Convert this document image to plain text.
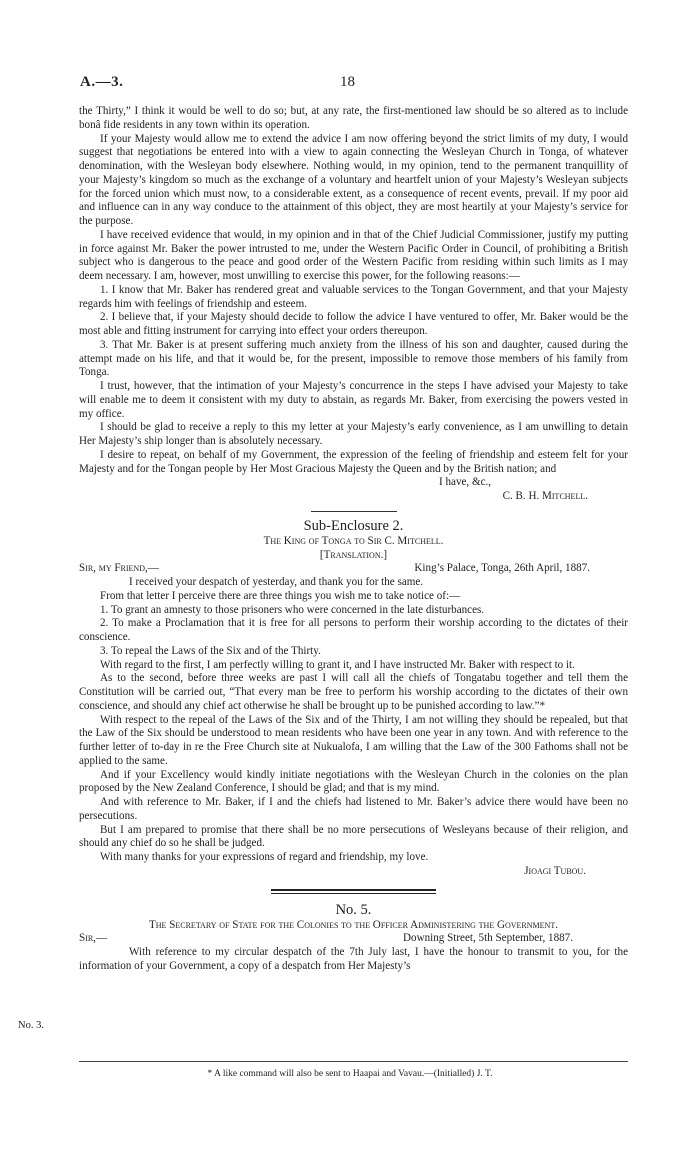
A.—3.	18

the Thirty,” I think it would be well to do so; but, at any rate, the first-mentioned law should be so altered as to include bonâ fide residents in any town within its operation.

If your Majesty would allow me to extend the advice I am now offering beyond the strict limits of my duty, I would suggest that negotiations be entered into with a view to again connecting the Wesleyan Church in Tonga, of whatever denomination, with the Wesleyan body elsewhere. Nothing would, in my opinion, tend to the permanent tranquillity of your Majesty’s kingdom so much as the exchange of a voluntary and heartfelt union of your Majesty’s Wesleyan subjects for the forced union which must now, to a considerable extent, as a consequence of recent events, prevail. If my poor aid and influence can in any way conduce to the attainment of this object, they are most heartily at your Majesty’s service for the purpose.

I have received evidence that would, in my opinion and in that of the Chief Judicial Commissioner, justify my putting in force against Mr. Baker the power intrusted to me, under the Western Pacific Order in Council, of prohibiting a British subject who is dangerous to the peace and good order of the Western Pacific from residing within such limits as I may deem necessary. I am, however, most unwilling to exercise this power, for the following reasons:—

1. I know that Mr. Baker has rendered great and valuable services to the Tongan Government, and that your Majesty regards him with feelings of friendship and esteem.

2. I believe that, if your Majesty should decide to follow the advice I have ventured to offer, Mr. Baker would be the most able and fitting instrument for carrying into effect your orders thereupon.

3. That Mr. Baker is at present suffering much anxiety from the illness of his son and daughter, caused during the attempt made on his life, and that it would be, for the present, impossible to remove those members of his family from Tonga.

I trust, however, that the intimation of your Majesty’s concurrence in the steps I have advised your Majesty to take will enable me to deem it consistent with my duty to abstain, as regards Mr. Baker, from exercising the powers vested in my office.

I should be glad to receive a reply to this my letter at your Majesty’s early convenience, as I am unwilling to detain Her Majesty’s ship longer than is absolutely necessary.

I desire to repeat, on behalf of my Government, the expression of the feeling of friendship and esteem felt for your Majesty and for the Tongan people by Her Most Gracious Majesty the Queen and by the British nation; and

I have, &c.,

C. B. H. Mitchell.

Sub-Enclosure 2.
The King of Tonga to Sir C. Mitchell.
[Translation.]
Sir, my Friend,—	King’s Palace, Tonga, 26th April, 1887.

I received your despatch of yesterday, and thank you for the same.

From that letter I perceive there are three things you wish me to take notice of:—

1. To grant an amnesty to those prisoners who were concerned in the late disturbances.

2. To make a Proclamation that it is free for all persons to perform their worship according to the dictates of their conscience.

3. To repeal the Laws of the Six and of the Thirty.

With regard to the first, I am perfectly willing to grant it, and I have instructed Mr. Baker with respect to it.

As to the second, before three weeks are past I will call all the chiefs of Tongatabu together and tell them the Constitution will be carried out, “That every man be free to perform his worship according to the dictates of their own conscience, and should any chief act otherwise he shall be brought up to be punished according to law.”*

With respect to the repeal of the Laws of the Six and of the Thirty, I am not willing they should be repealed, but that the Law of the Six should be understood to mean residents who have been one year in any town. And with reference to the further letter of to-day in re the Free Church site at Nukualofa, I am willing that the Law of the 300 Fathoms shall not be applied to the same.

And if your Excellency would kindly initiate negotiations with the Wesleyan Church in the colonies on the plan proposed by the New Zealand Conference, I should be glad; and that is my mind.

And with reference to Mr. Baker, if I and the chiefs had listened to Mr. Baker’s advice there would have been no persecutions.

But I am prepared to promise that there shall be no more persecutions of Wesleyans because of their religion, and should any chief do so he shall be judged.

With many thanks for your expressions of regard and friendship, my love.

Jioagi Tubou.

No. 5.
The Secretary of State for the Colonies to the Officer Administering the Government.
Sir,—	Downing Street, 5th September, 1887.

With reference to my circular despatch of the 7th July last, I have the honour to transmit to you, for the information of your Government, a copy of a despatch from Her Majesty’s

No. 3.
* A like command will also be sent to Haapai and Vavau.—(Initialled) J. T.
